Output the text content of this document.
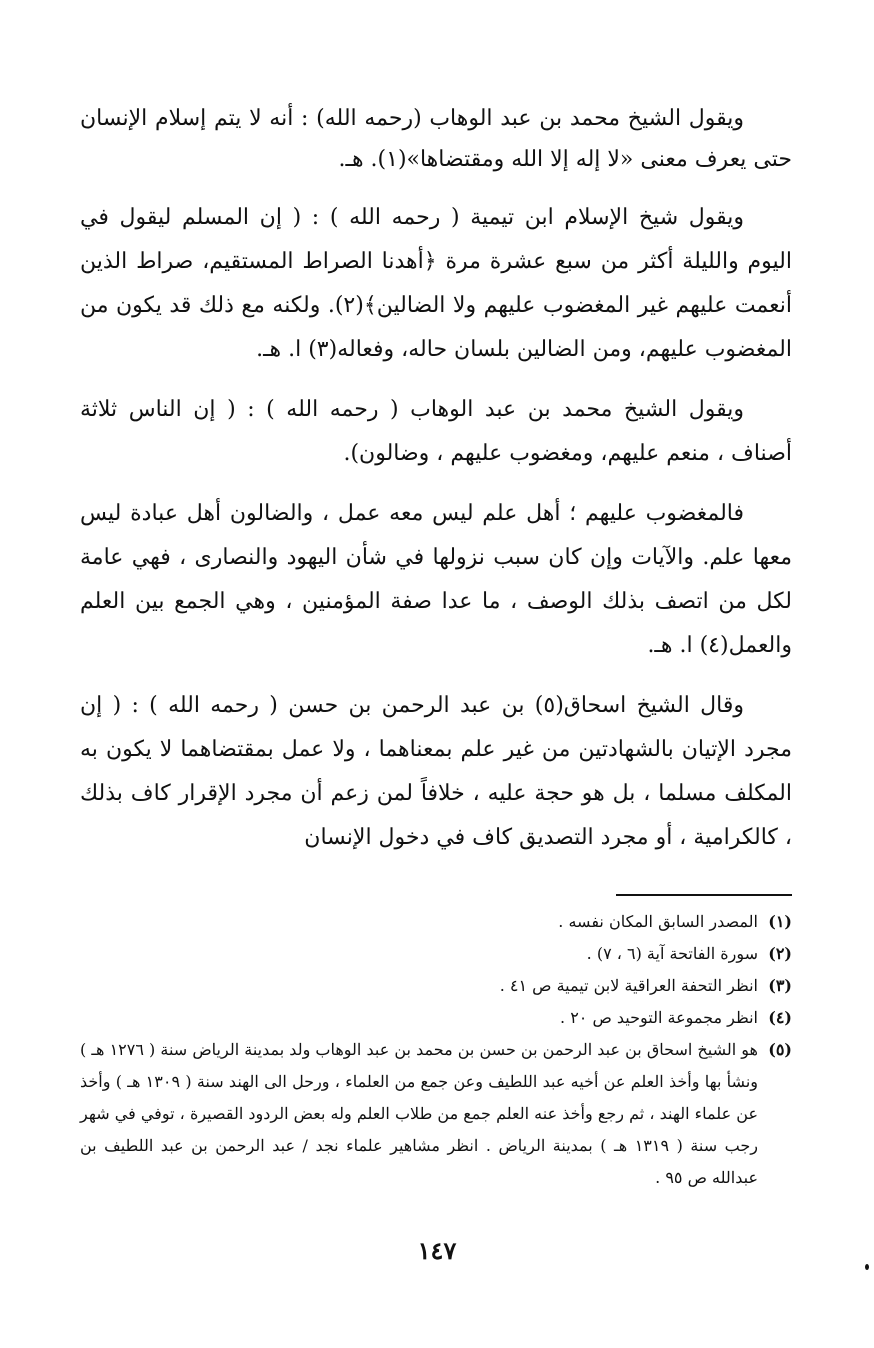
ويقول الشيخ محمد بن عبد الوهاب (رحمه الله) : أنه لا يتم إسلام الإنسان حتى يعرف معنى «لا إله إلا الله ومقتضاها»(١). هـ.

ويقول شيخ الإسلام ابن تيمية ( رحمه الله ) : ( إن المسلم ليقول في اليوم والليلة أكثر من سبع عشرة مرة ﴿أهدنا الصراط المستقيم، صراط الذين أنعمت عليهم غير المغضوب عليهم ولا الضالين﴾(٢). ولكنه مع ذلك قد يكون من المغضوب عليهم، ومن الضالين بلسان حاله، وفعاله(٣) ا. هـ.

ويقول الشيخ محمد بن عبد الوهاب ( رحمه الله ) : ( إن الناس ثلاثة أصناف ، منعم عليهم، ومغضوب عليهم ، وضالون).

فالمغضوب عليهم ؛ أهل علم ليس معه عمل ، والضالون أهل عبادة ليس معها علم. والآيات وإن كان سبب نزولها في شأن اليهود والنصارى ، فهي عامة لكل من اتصف بذلك الوصف ، ما عدا صفة المؤمنين ، وهي الجمع بين العلم والعمل(٤) ا. هـ.

وقال الشيخ اسحاق(٥) بن عبد الرحمن بن حسن ( رحمه الله ) : ( إن مجرد الإتيان بالشهادتين من غير علم بمعناهما ، ولا عمل بمقتضاهما لا يكون به المكلف مسلما ، بل هو حجة عليه ، خلافاً لمن زعم أن مجرد الإقرار كاف بذلك ، كالكرامية ، أو مجرد التصديق كاف في دخول الإنسان

(١)
المصدر السابق المكان نفسه .
(٢)
سورة الفاتحة آية (٦ ، ٧) .
(٣)
انظر التحفة العراقية لابن تيمية ص ٤١ .
(٤)
انظر مجموعة التوحيد ص ٢٠ .
(٥)
هو الشيخ اسحاق بن عبد الرحمن بن حسن بن محمد بن عبد الوهاب ولد بمدينة الرياض سنة ( ١٢٧٦ هـ ) ونشأ بها وأخذ العلم عن أخيه عبد اللطيف وعن جمع من العلماء ، ورحل الى الهند سنة ( ١٣٠٩ هـ ) وأخذ عن علماء الهند ، ثم رجع وأخذ عنه العلم جمع من طلاب العلم وله بعض الردود القصيرة ، توفي في شهر رجب سنة ( ١٣١٩ هـ ) بمدينة الرياض . انظر مشاهير علماء نجد / عبد الرحمن بن عبد اللطيف بن عبدالله ص ٩٥ .
١٤٧
